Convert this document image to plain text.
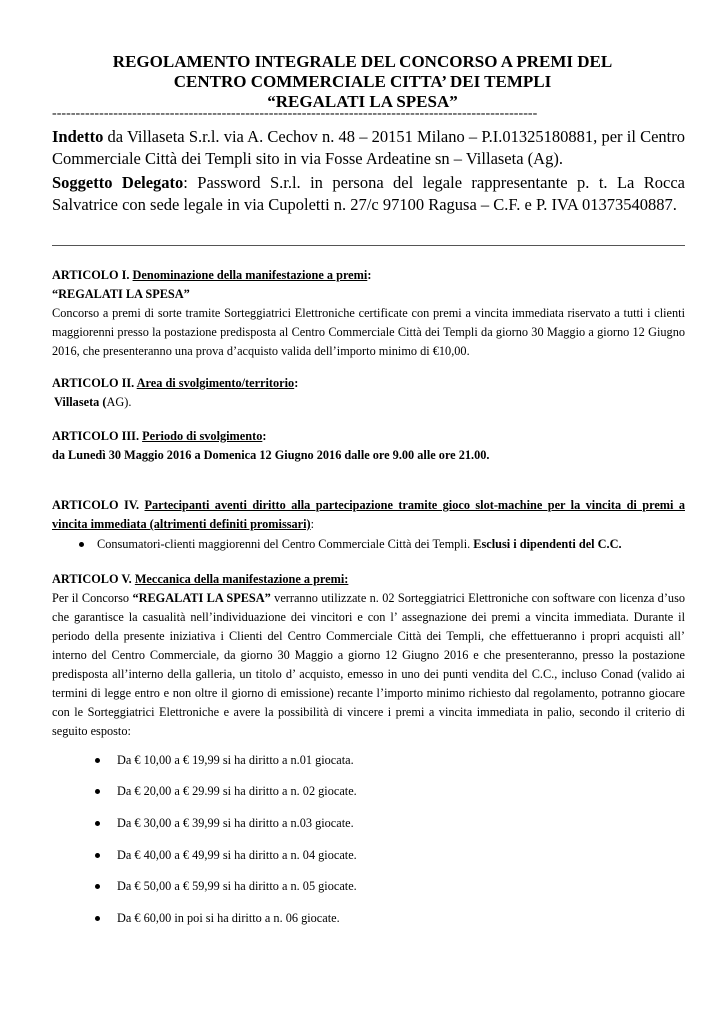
REGOLAMENTO INTEGRALE DEL CONCORSO A PREMI DEL
CENTRO COMMERCIALE CITTA’ DEI TEMPLI
“REGALATI LA SPESA”
-------------------------------------------------------------------------------------------------------
Indetto da Villaseta S.r.l. via A. Cechov n. 48 – 20151 Milano – P.I.01325180881, per il Centro Commerciale Città dei Templi sito in via Fosse Ardeatine sn – Villaseta (Ag).
Soggetto Delegato: Password S.r.l. in persona del legale rappresentante p. t. La Rocca Salvatrice con sede legale in via Cupoletti n. 27/c 97100 Ragusa – C.F. e P. IVA 01373540887.
ARTICOLO I. Denominazione della manifestazione a premi:
“REGALATI LA SPESA”
Concorso a premi di sorte tramite Sorteggiatrici Elettroniche certificate con premi a vincita immediata riservato a tutti i clienti maggiorenni presso la postazione predisposta al Centro Commerciale Città dei Templi da giorno 30 Maggio a giorno 12 Giugno 2016, che presenteranno una prova d’acquisto valida dell’importo minimo di €10,00.
ARTICOLO II. Area di svolgimento/territorio:
Villaseta (AG).
ARTICOLO III. Periodo di svolgimento:
da Lunedì 30 Maggio 2016 a Domenica 12 Giugno 2016 dalle ore 9.00 alle ore 21.00.
ARTICOLO IV. Partecipanti aventi diritto alla partecipazione tramite gioco slot-machine per la vincita di premi a vincita immediata (altrimenti definiti promissari):
Consumatori-clienti maggiorenni del Centro Commerciale Città dei Templi. Esclusi i dipendenti del C.C.
ARTICOLO V. Meccanica della manifestazione a premi:
Per il Concorso “REGALATI LA SPESA” verranno utilizzate n. 02 Sorteggiatrici Elettroniche con software con licenza d’uso che garantisce la casualità nell’individuazione dei vincitori e con l’ assegnazione dei premi a vincita immediata. Durante il periodo della presente iniziativa i Clienti del Centro Commerciale Città dei Templi, che effettueranno i propri acquisti all’ interno del Centro Commerciale, da giorno 30 Maggio a giorno 12 Giugno 2016 e che presenteranno, presso la postazione predisposta all’interno della galleria, un titolo d’ acquisto, emesso in uno dei punti vendita del C.C., incluso Conad (valido ai termini di legge entro e non oltre il giorno di emissione) recante l’importo minimo richiesto dal regolamento, potranno giocare con le Sorteggiatrici Elettroniche e avere la possibilità di vincere i premi a vincita immediata in palio, secondo il criterio di seguito esposto:
Da € 10,00 a € 19,99 si ha diritto a n.01 giocata.
Da € 20,00 a € 29.99 si ha diritto a n. 02 giocate.
Da € 30,00 a € 39,99 si ha diritto a n.03 giocate.
Da € 40,00 a € 49,99 si ha diritto a n. 04 giocate.
Da € 50,00 a € 59,99 si ha diritto a n. 05 giocate.
Da € 60,00 in poi si ha diritto a n. 06 giocate.
